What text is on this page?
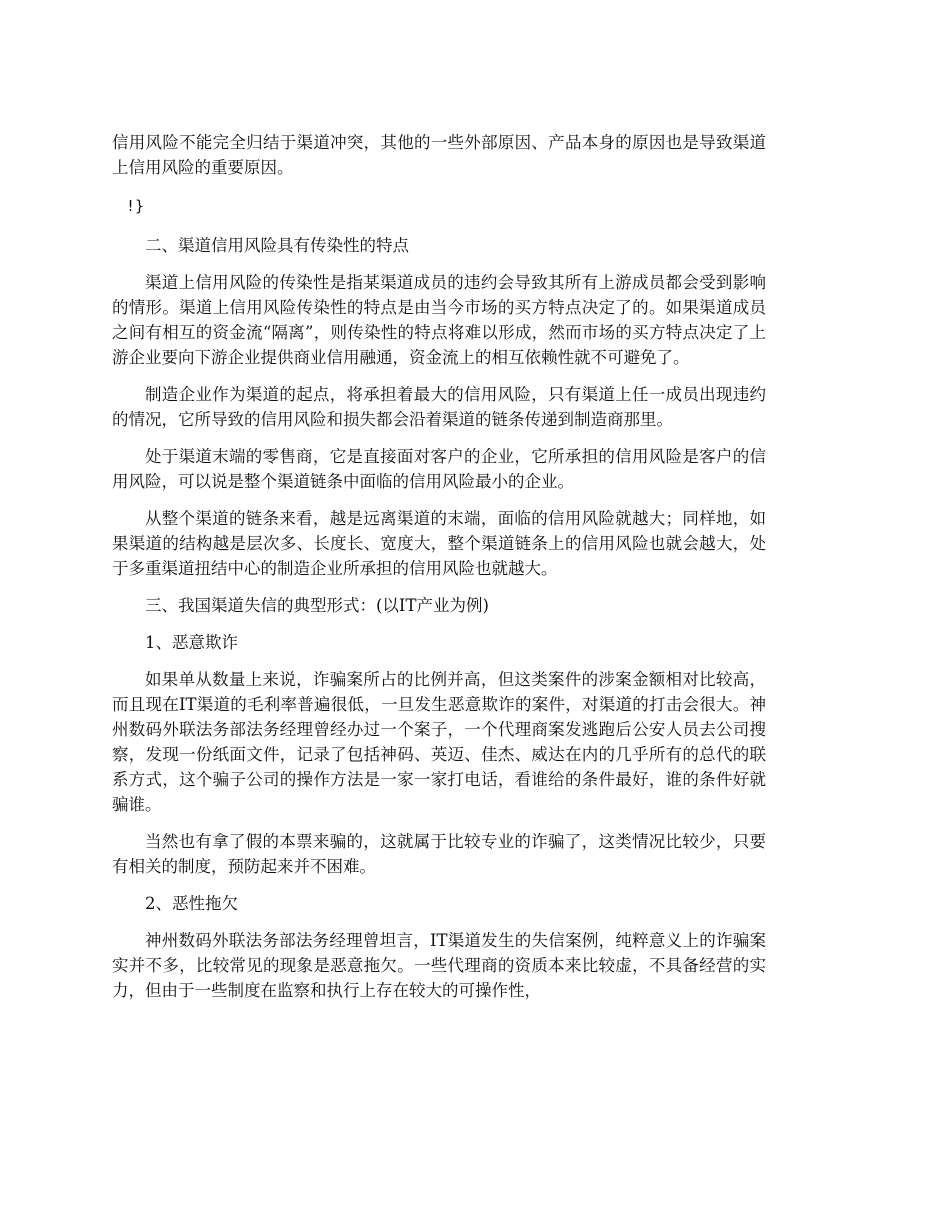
信用风险不能完全归结于渠道冲突，其他的一些外部原因、产品本身的原因也是导致渠道上信用风险的重要原因。

!}

二、渠道信用风险具有传染性的特点

渠道上信用风险的传染性是指某渠道成员的违约会导致其所有上游成员都会受到影响的情形。渠道上信用风险传染性的特点是由当今市场的买方特点决定了的。如果渠道成员之间有相互的资金流“隔离”，则传染性的特点将难以形成，然而市场的买方特点决定了上游企业要向下游企业提供商业信用融通，资金流上的相互依赖性就不可避免了。

制造企业作为渠道的起点，将承担着最大的信用风险，只有渠道上任一成员出现违约的情况，它所导致的信用风险和损失都会沿着渠道的链条传递到制造商那里。

处于渠道末端的零售商，它是直接面对客户的企业，它所承担的信用风险是客户的信用风险，可以说是整个渠道链条中面临的信用风险最小的企业。

从整个渠道的链条来看，越是远离渠道的末端，面临的信用风险就越大；同样地，如果渠道的结构越是层次多、长度长、宽度大，整个渠道链条上的信用风险也就会越大，处于多重渠道扭结中心的制造企业所承担的信用风险也就越大。

三、我国渠道失信的典型形式：(以IT产业为例)

1、恶意欺诈

如果单从数量上来说，诈骗案所占的比例并高，但这类案件的涉案金额相对比较高，而且现在IT渠道的毛利率普遍很低，一旦发生恶意欺诈的案件，对渠道的打击会很大。神州数码外联法务部法务经理曾经办过一个案子，一个代理商案发逃跑后公安人员去公司搜察，发现一份纸面文件，记录了包括神码、英迈、佳杰、威达在内的几乎所有的总代的联系方式，这个骗子公司的操作方法是一家一家打电话，看谁给的条件最好，谁的条件好就骗谁。

当然也有拿了假的本票来骗的，这就属于比较专业的诈骗了，这类情况比较少，只要有相关的制度，预防起来并不困难。

2、恶性拖欠

神州数码外联法务部法务经理曾坦言，IT渠道发生的失信案例，纯粹意义上的诈骗案实并不多，比较常见的现象是恶意拖欠。一些代理商的资质本来比较虚，不具备经营的实力，但由于一些制度在监察和执行上存在较大的可操作性，
